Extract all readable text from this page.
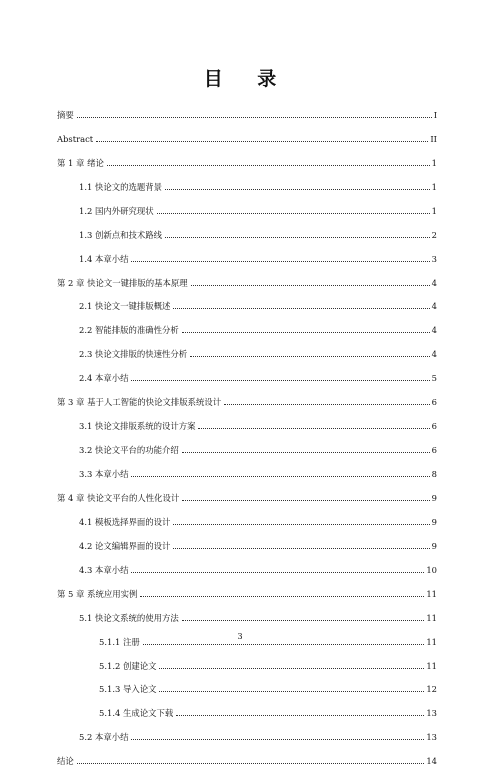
目 录
摘要	I
Abstract	II
第 1 章 绪论	1
1.1 快论文的选题背景	1
1.2 国内外研究现状	1
1.3 创新点和技术路线	2
1.4 本章小结	3
第 2 章 快论文一键排版的基本原理	4
2.1 快论文一键排版概述	4
2.2 智能排版的准确性分析	4
2.3 快论文排版的快速性分析	4
2.4 本章小结	5
第 3 章 基于人工智能的快论文排版系统设计	6
3.1 快论文排版系统的设计方案	6
3.2 快论文平台的功能介绍	6
3.3 本章小结	8
第 4 章 快论文平台的人性化设计	9
4.1 模板选择界面的设计	9
4.2 论文编辑界面的设计	9
4.3 本章小结	10
第 5 章 系统应用实例	11
5.1 快论文系统的使用方法	11
5.1.1 注册	11
5.1.2 创建论文	11
5.1.3 导入论文	12
5.1.4 生成论文下载	13
5.2 本章小结	13
结论	14
3
